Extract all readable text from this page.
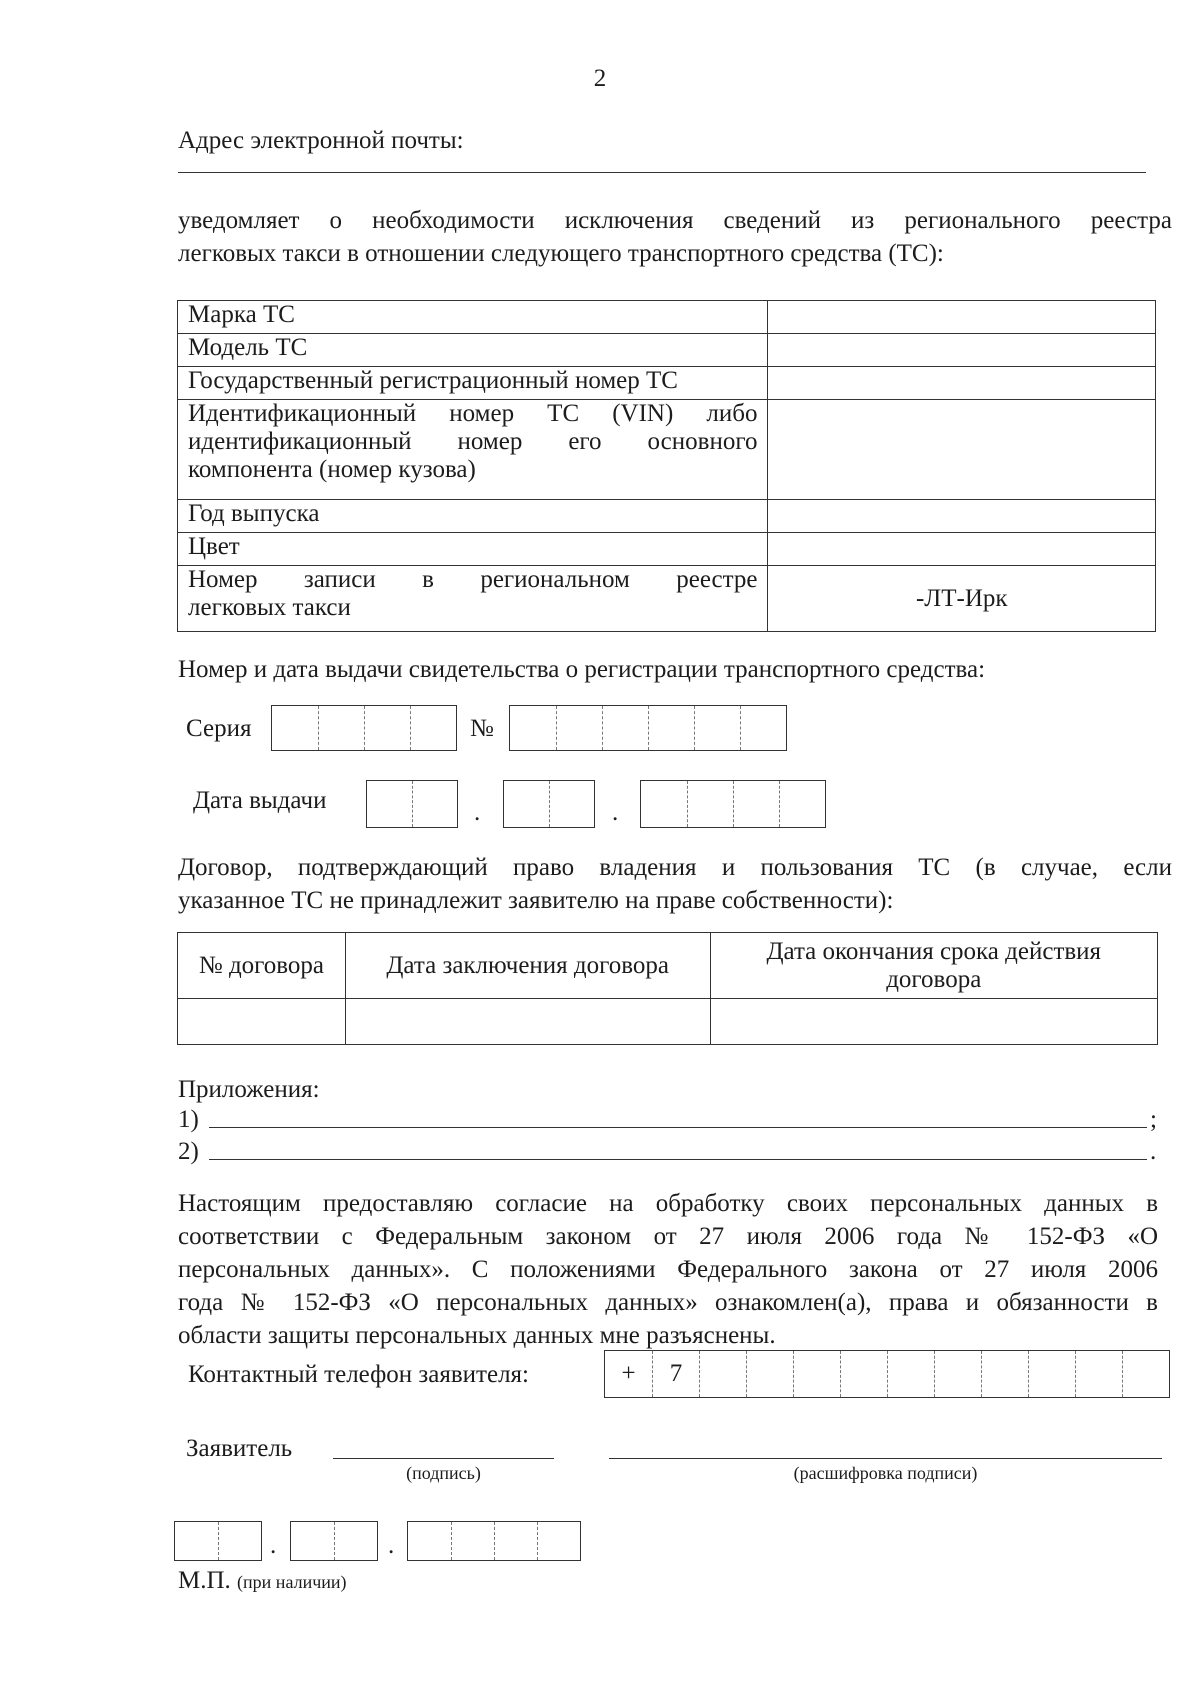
2
Адрес электронной почты:
уведомляет о необходимости исключения сведений из регионального реестра
легковых такси в отношении следующего транспортного средства (ТС):
Марка ТС	
Модель ТС	
Государственный регистрационный номер ТС	

Идентификационный номер ТС (VIN) либо
идентификационный номер его основного
компонента (номер кузова)	

Год выпуска	
Цвет	

Номер записи в региональном реестре
легковых такси	-ЛТ-Ирк
Номер и дата выдачи свидетельства о регистрации транспортного средства:
Серия	№
Дата выдачи	.	.
Договор, подтверждающий право владения и пользования ТС (в случае, если
указанное ТС не принадлежит заявителю на праве собственности):
№ договора	Дата заключения договора	Дата окончания срока действия
договора

Приложения:
1)	;
2)	.
Настоящим предоставляю согласие на обработку своих персональных данных в
соответствии с Федеральным законом от 27 июля 2006 года № 152-ФЗ «О
персональных данных». С положениями Федерального закона от 27 июля 2006
года № 152-ФЗ «О персональных данных» ознакомлен(а), права и обязанности в
области защиты персональных данных мне разъяснены.
Контактный телефон заявителя:	+	7
Заявитель
(подпись)	(расшифровка подписи)
.	.
М.П. (при наличии)
